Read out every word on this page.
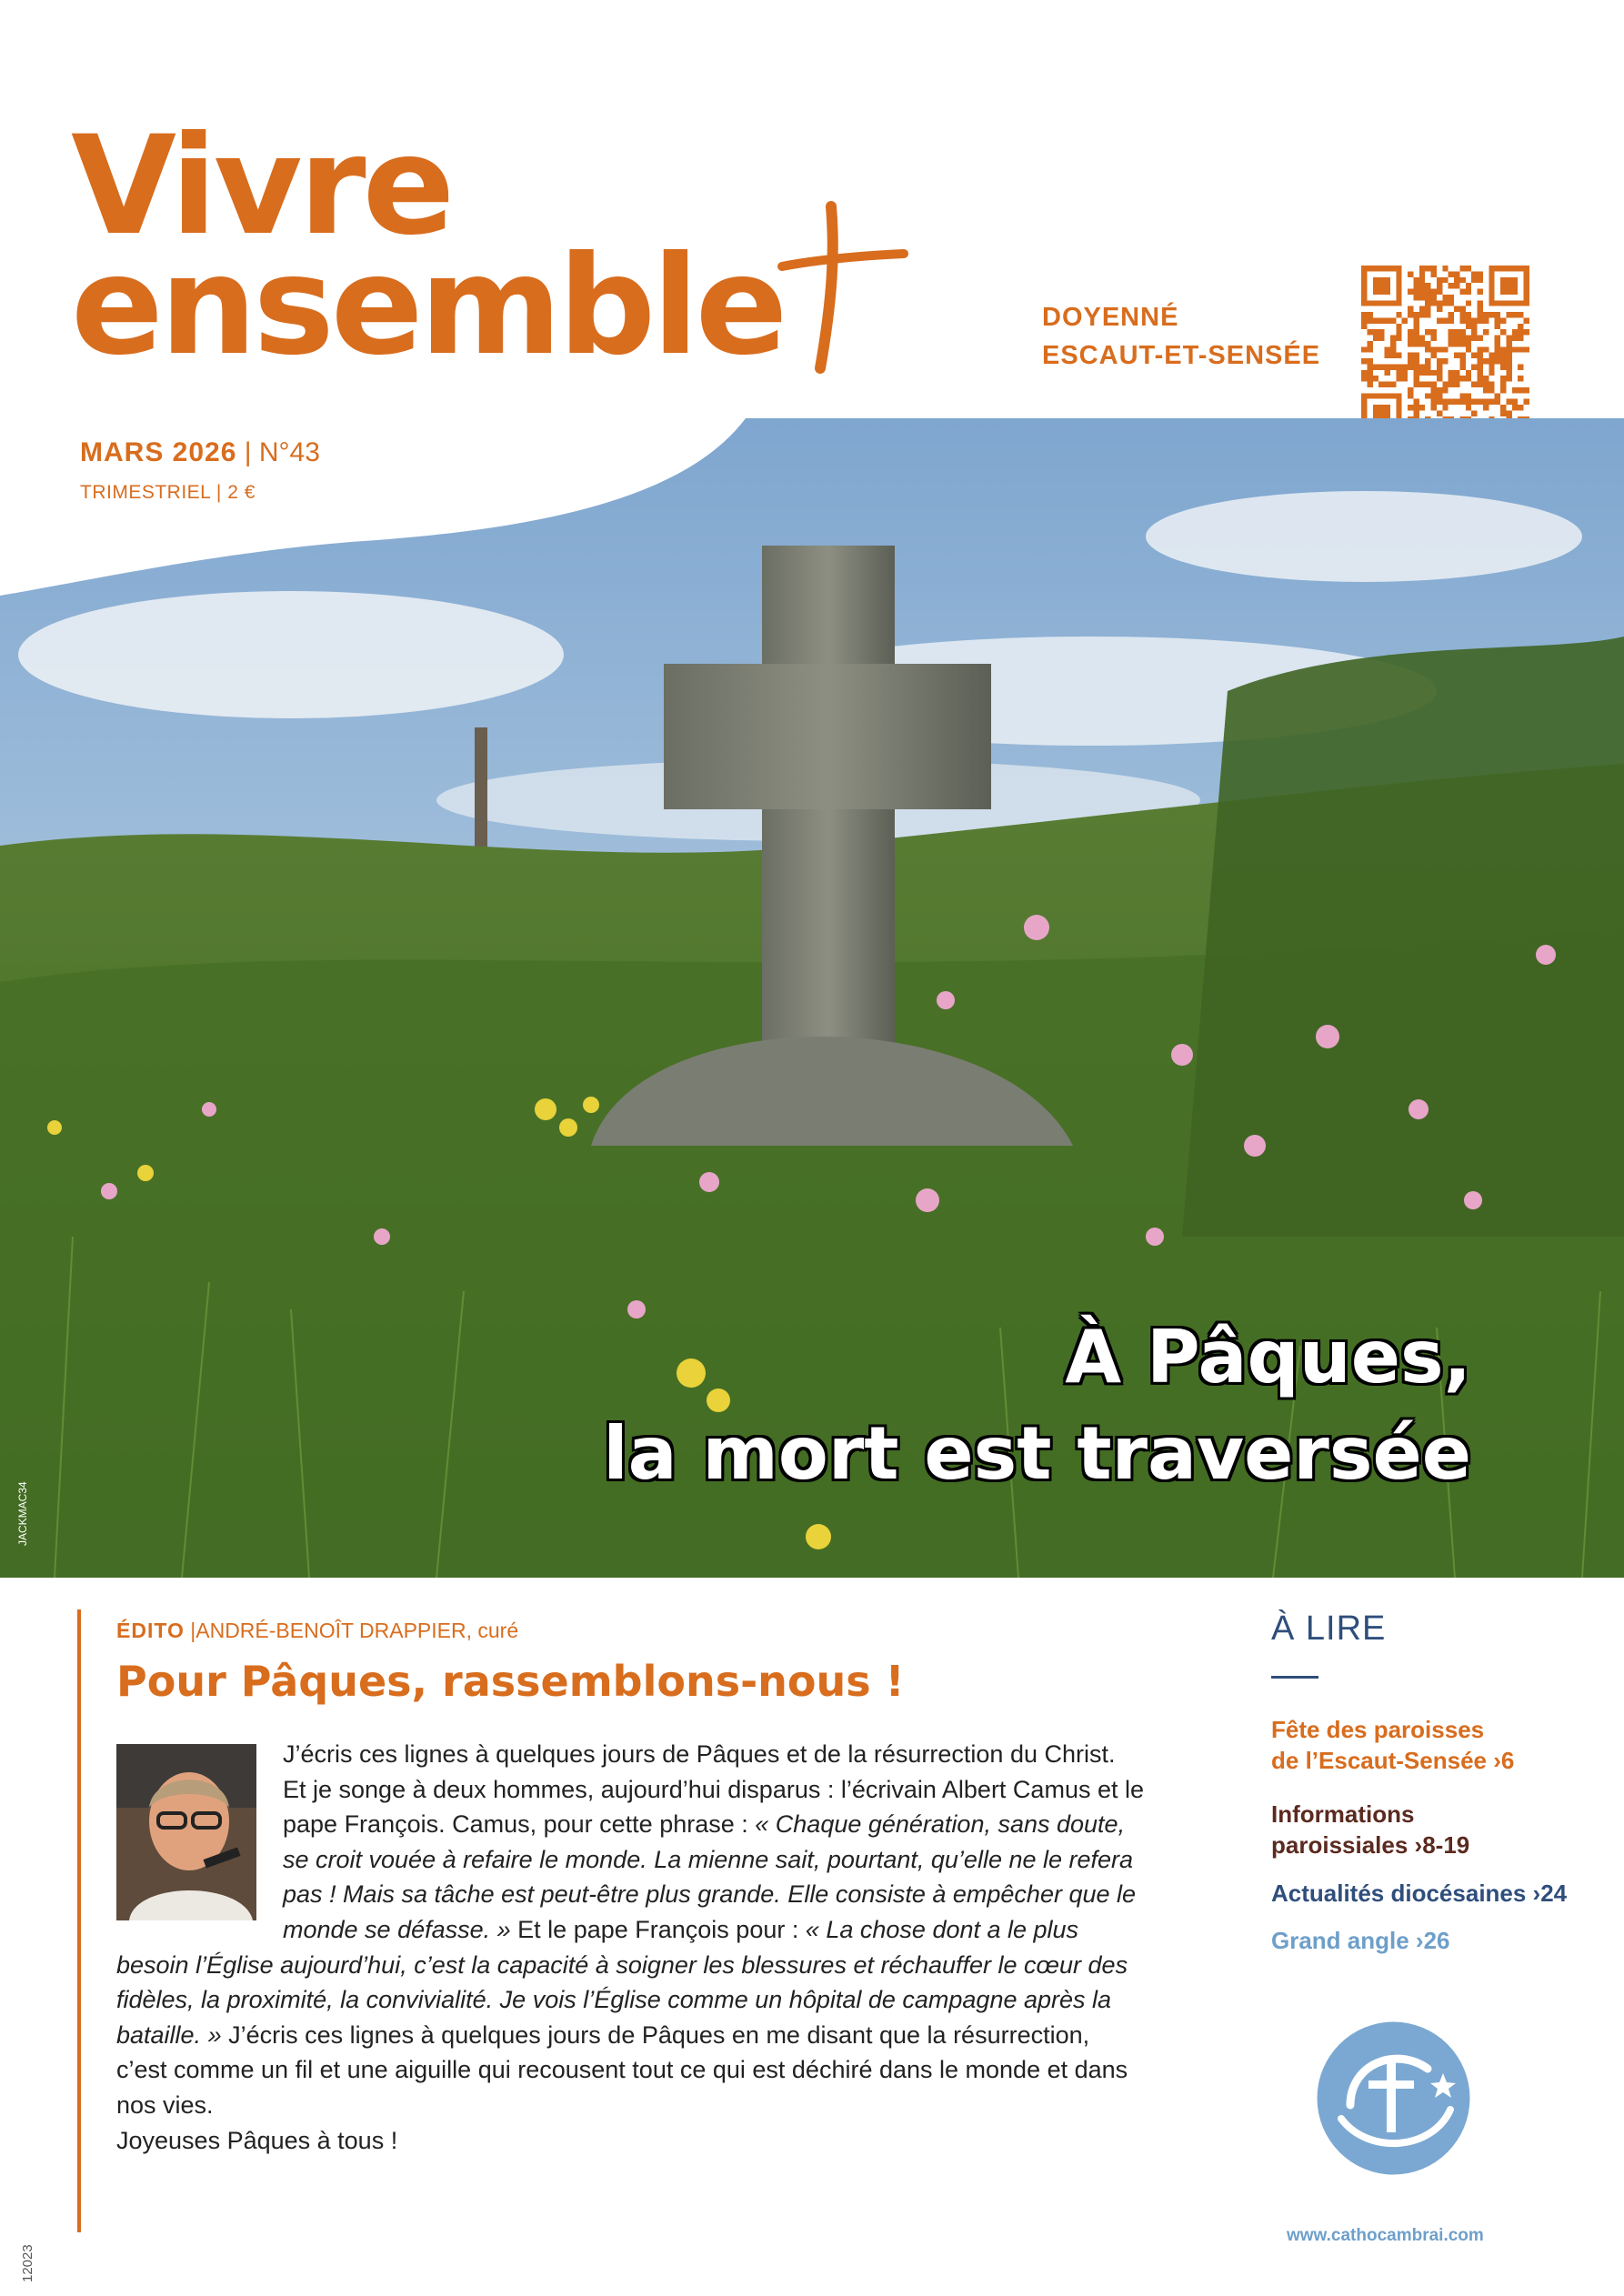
Vivre
ensemble	DOYENNÉ
ESCAUT-ET-SENSÉE
MARS 2026 | N°43
TRIMESTRIEL | 2 €
À Pâques,
la mort est traversée
JACKMAC34
ÉDITO |ANDRÉ-BENOÎT DRAPPIER, curé
Pour Pâques, rassemblons-nous !

J’écris ces lignes à quelques jours de Pâques et de la résurrection du Christ. Et je songe à deux hommes, aujourd’hui disparus : l’écrivain Albert Camus et le pape François. Camus, pour cette phrase : « Chaque génération, sans doute, se croit vouée à refaire le monde. La mienne sait, pourtant, qu’elle ne le refera pas ! Mais sa tâche est peut-être plus grande. Elle consiste à empêcher que le monde se défasse. » Et le pape François pour : « La chose dont a le plus besoin l’Église aujourd’hui, c’est la capacité à soigner les blessures et réchauffer le cœur des fidèles, la proximité, la convivialité. Je vois l’Église comme un hôpital de campagne après la bataille. » J’écris ces lignes à quelques jours de Pâques en me disant que la résurrection, c’est comme un fil et une aiguille qui recousent tout ce qui est déchiré dans le monde et dans nos vies.

Joyeuses Pâques à tous !

À LIRE
Fête des paroisses
de l’Escaut-Sensée ›6
Informations
paroissiales ›8-19
Actualités diocésaines ›24
Grand angle ›26
www.cathocambrai.com
12023
